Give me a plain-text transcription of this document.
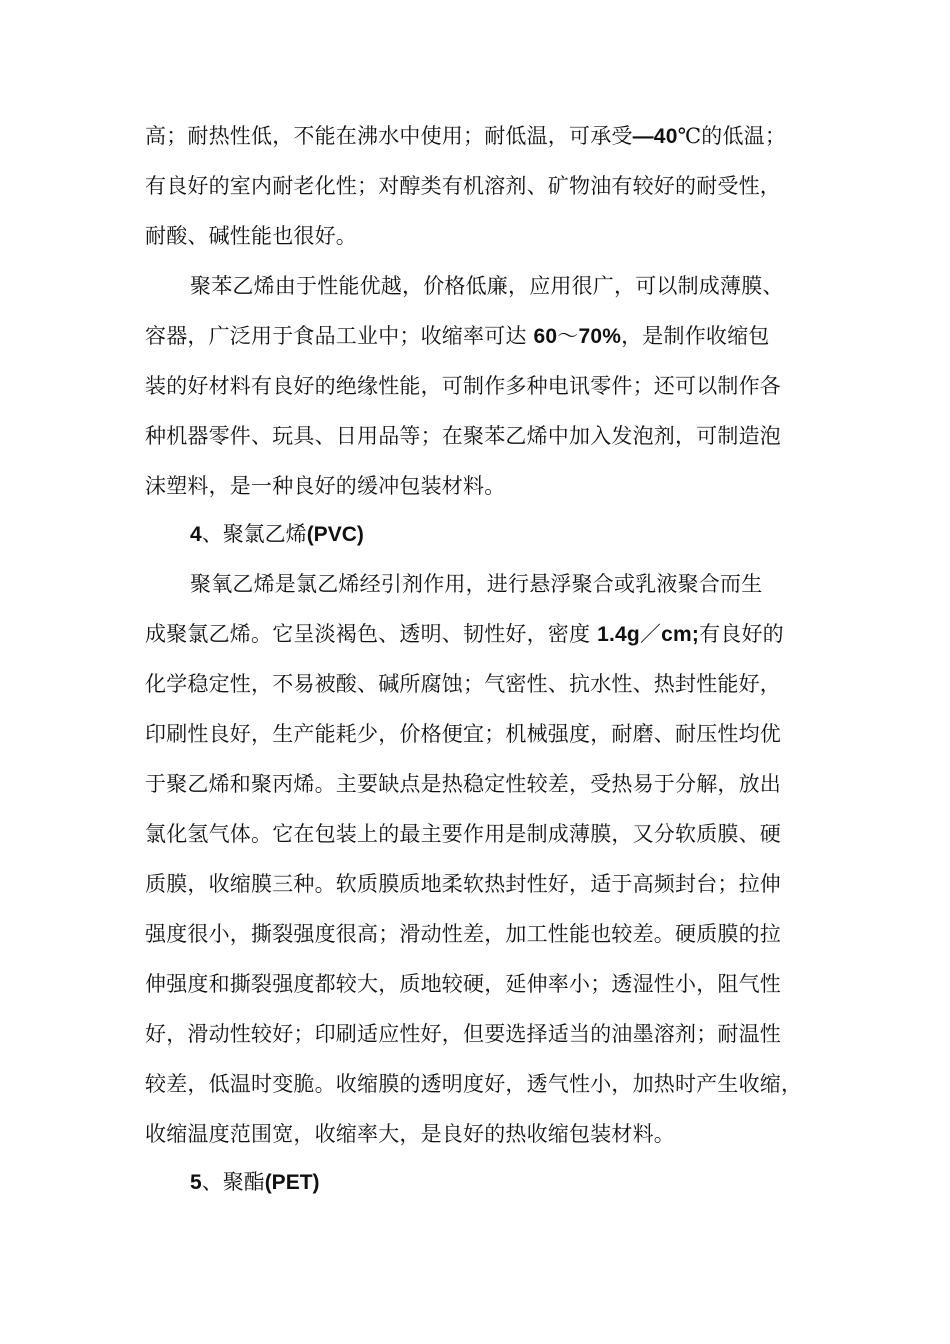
高；耐热性低，不能在沸水中使用；耐低温，可承受—40℃的低温；
有良好的室内耐老化性；对醇类有机溶剂、矿物油有较好的耐受性，
耐酸、碱性能也很好。
聚苯乙烯由于性能优越，价格低廉，应用很广，可以制成薄膜、
容器，广泛用于食品工业中；收缩率可达 60～70%，是制作收缩包
装的好材料有良好的绝缘性能，可制作多种电讯零件；还可以制作各
种机器零件、玩具、日用品等；在聚苯乙烯中加入发泡剂，可制造泡
沫塑料，是一种良好的缓冲包装材料。
4、聚氯乙烯(PVC)
聚氧乙烯是氯乙烯经引剂作用，进行悬浮聚合或乳液聚合而生
成聚氯乙烯。它呈淡褐色、透明、韧性好，密度 1.4g／cm;有良好的
化学稳定性，不易被酸、碱所腐蚀；气密性、抗水性、热封性能好，
印刷性良好，生产能耗少，价格便宜；机械强度，耐磨、耐压性均优
于聚乙烯和聚丙烯。主要缺点是热稳定性较差，受热易于分解，放出
氯化氢气体。它在包装上的最主要作用是制成薄膜，又分软质膜、硬
质膜，收缩膜三种。软质膜质地柔软热封性好，适于高频封台；拉伸
强度很小，撕裂强度很高；滑动性差，加工性能也较差。硬质膜的拉
伸强度和撕裂强度都较大，质地较硬，延伸率小；透湿性小，阻气性
好，滑动性较好；印刷适应性好，但要选择适当的油墨溶剂；耐温性
较差，低温时变脆。收缩膜的透明度好，透气性小，加热时产生收缩，
收缩温度范围宽，收缩率大，是良好的热收缩包装材料。
5、聚酯(PET)
